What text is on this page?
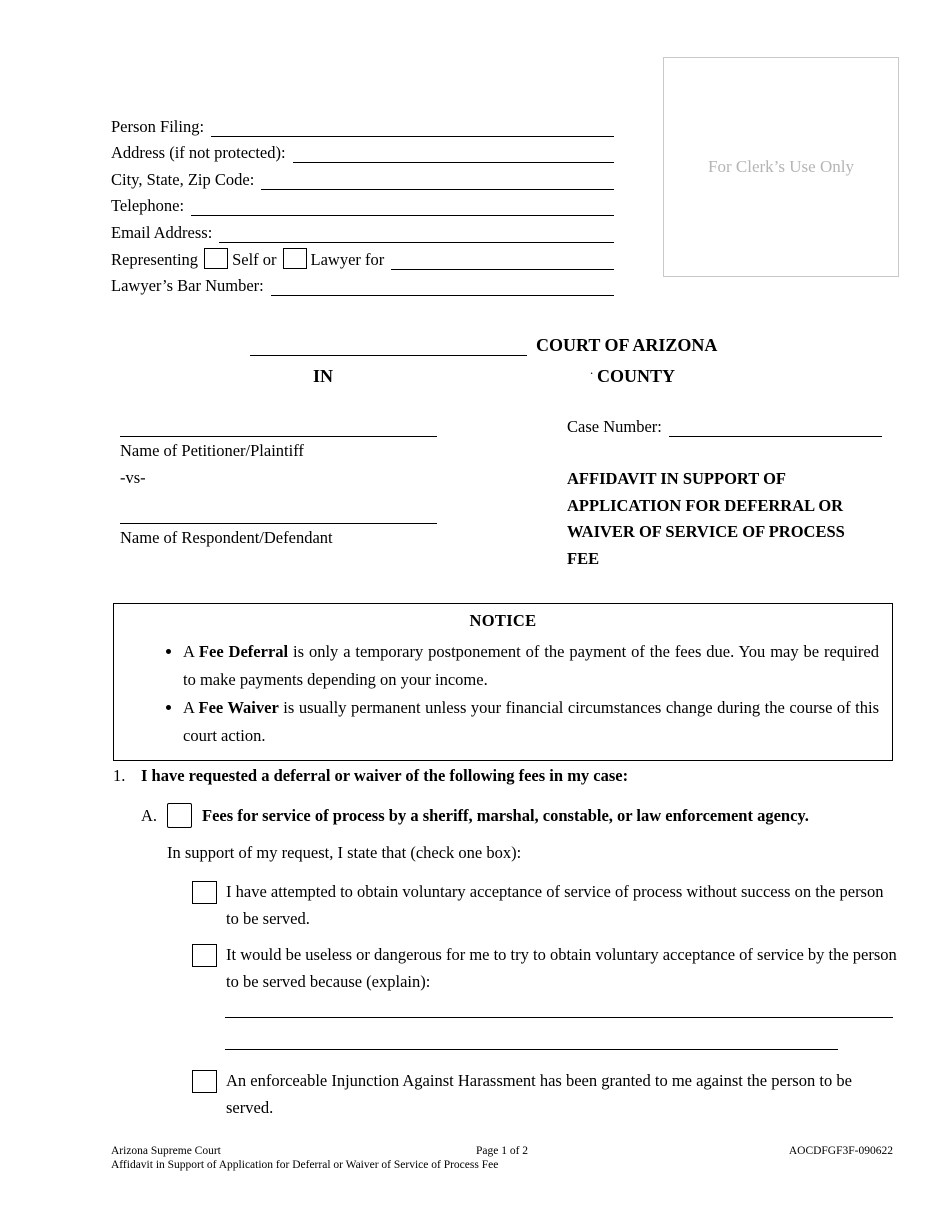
Person Filing:
Address (if not protected):
City, State, Zip Code:
Telephone:
Email Address:
Representing Self or Lawyer for
Lawyer’s Bar Number:
For Clerk’s Use Only
COURT OF ARIZONA
IN	. COUNTY
Name of Petitioner/Plaintiff
-vs-
Name of Respondent/Defendant
Case Number:
AFFIDAVIT IN SUPPORT OF
APPLICATION FOR DEFERRAL OR
WAIVER OF SERVICE OF PROCESS
FEE
NOTICE
• A Fee Deferral is only a temporary postponement of the payment of the fees due. You may be required to make payments depending on your income.
• A Fee Waiver is usually permanent unless your financial circumstances change during the course of this court action.
1. I have requested a deferral or waiver of the following fees in my case:
A.	Fees for service of process by a sheriff, marshal, constable, or law enforcement agency.
In support of my request, I state that (check one box):
I have attempted to obtain voluntary acceptance of service of process without success on the person to be served.
It would be useless or dangerous for me to try to obtain voluntary acceptance of service by the person to be served because (explain):
An enforceable Injunction Against Harassment has been granted to me against the person to be served.
Page 1 of 2
Arizona Supreme Court
Affidavit in Support of Application for Deferral or Waiver of Service of Process Fee
AOCDFGF3F-090622
